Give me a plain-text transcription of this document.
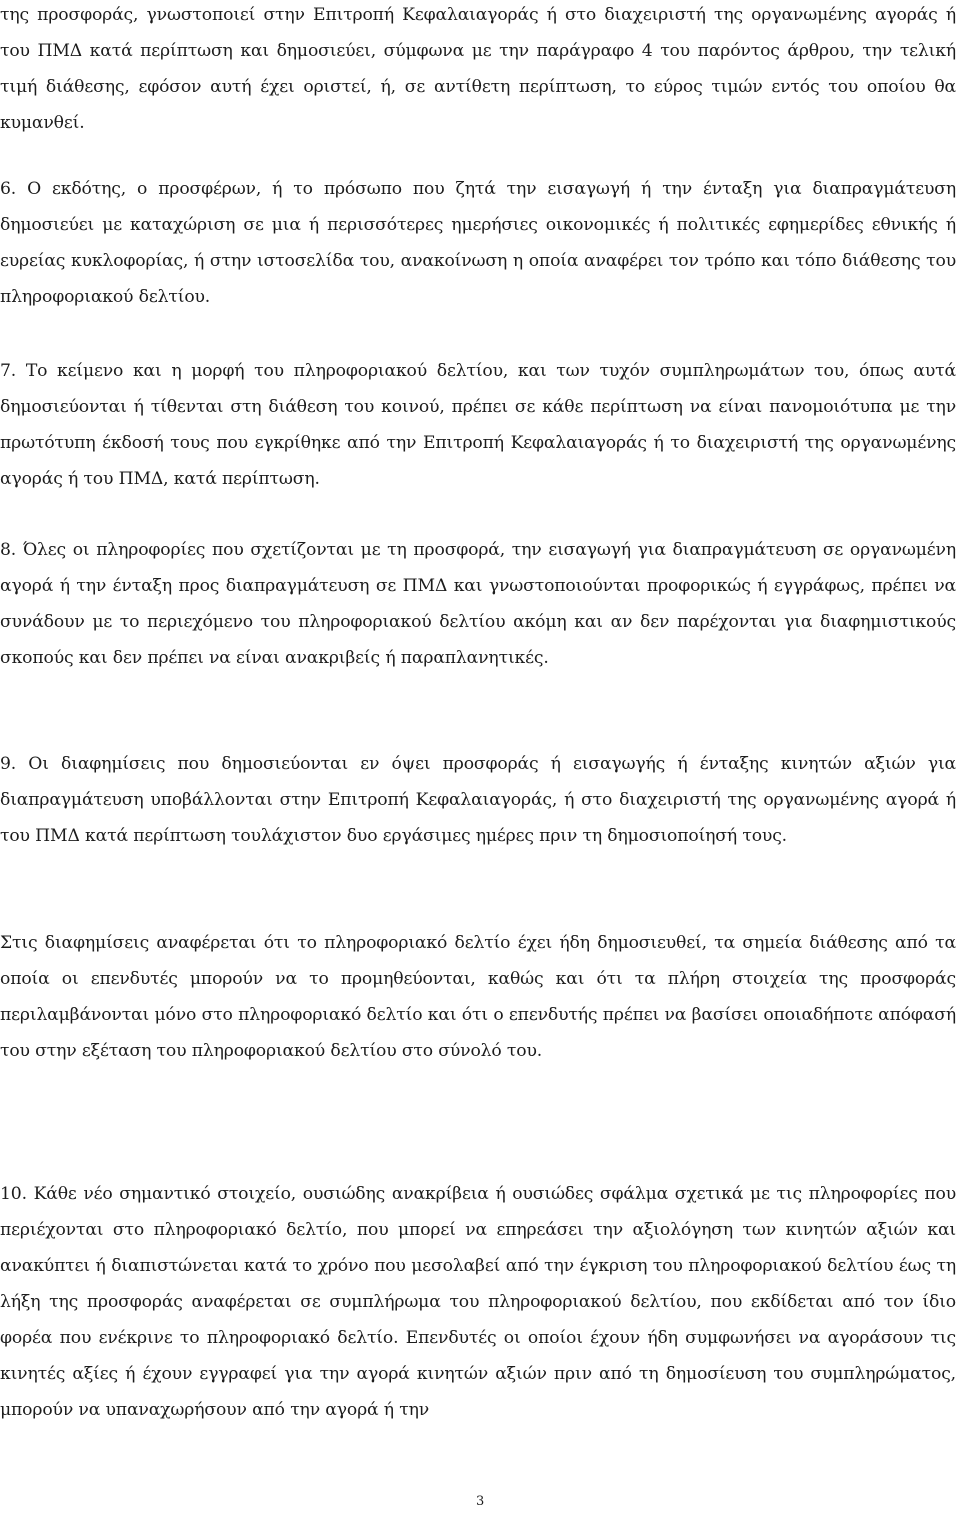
της προσφοράς, γνωστοποιεί στην Επιτροπή Κεφαλαιαγοράς ή στο διαχειριστή της οργανωμένης αγοράς ή του ΠΜΔ κατά περίπτωση και δημοσιεύει, σύμφωνα με την παράγραφο 4 του παρόντος άρθρου, την τελική τιμή διάθεσης, εφόσον αυτή έχει οριστεί, ή, σε αντίθετη περίπτωση, το εύρος τιμών εντός του οποίου θα κυμανθεί.

6. Ο εκδότης, ο προσφέρων, ή το πρόσωπο που ζητά την εισαγωγή ή την ένταξη για διαπραγμάτευση δημοσιεύει με καταχώριση σε μια ή περισσότερες ημερήσιες οικονομικές ή πολιτικές εφημερίδες εθνικής ή ευρείας κυκλοφορίας, ή στην ιστοσελίδα του, ανακοίνωση η οποία αναφέρει τον τρόπο και τόπο διάθεσης του πληροφοριακού δελτίου.

7. Το κείμενο και η μορφή του πληροφοριακού δελτίου, και των τυχόν συμπληρωμάτων του, όπως αυτά δημοσιεύονται ή τίθενται στη διάθεση του κοινού, πρέπει σε κάθε περίπτωση να είναι πανομοιότυπα με την πρωτότυπη έκδοσή τους που εγκρίθηκε από την Επιτροπή Κεφαλαιαγοράς ή το διαχειριστή της οργανωμένης αγοράς ή του ΠΜΔ, κατά περίπτωση.

8. Όλες οι πληροφορίες που σχετίζονται με τη προσφορά, την εισαγωγή για διαπραγμάτευση σε οργανωμένη αγορά ή την ένταξη προς διαπραγμάτευση σε ΠΜΔ και γνωστοποιούνται προφορικώς ή εγγράφως, πρέπει να συνάδουν με το περιεχόμενο του πληροφοριακού δελτίου ακόμη και αν δεν παρέχονται για διαφημιστικούς σκοπούς και δεν πρέπει να είναι ανακριβείς ή παραπλανητικές.

9. Οι διαφημίσεις που δημοσιεύονται εν όψει προσφοράς ή εισαγωγής ή ένταξης κινητών αξιών για διαπραγμάτευση υποβάλλονται στην Επιτροπή Κεφαλαιαγοράς, ή στο διαχειριστή της οργανωμένης αγορά ή του ΠΜΔ κατά περίπτωση τουλάχιστον δυο εργάσιμες ημέρες πριν τη δημοσιοποίησή τους.

Στις διαφημίσεις αναφέρεται ότι το πληροφοριακό δελτίο έχει ήδη δημοσιευθεί, τα σημεία διάθεσης από τα οποία οι επενδυτές μπορούν να το προμηθεύονται, καθώς και ότι τα πλήρη στοιχεία της προσφοράς περιλαμβάνονται μόνο στο πληροφοριακό δελτίο και ότι ο επενδυτής πρέπει να βασίσει οποιαδήποτε απόφασή του στην εξέταση του πληροφοριακού δελτίου στο σύνολό του.

10. Κάθε νέο σημαντικό στοιχείο, ουσιώδης ανακρίβεια ή ουσιώδες σφάλμα σχετικά με τις πληροφορίες που περιέχονται στο πληροφοριακό δελτίο, που μπορεί να επηρεάσει την αξιολόγηση των κινητών αξιών και ανακύπτει ή διαπιστώνεται κατά το χρόνο που μεσολαβεί από την έγκριση του πληροφοριακού δελτίου έως τη λήξη της προσφοράς αναφέρεται σε συμπλήρωμα του πληροφοριακού δελτίου, που εκδίδεται από τον ίδιο φορέα που ενέκρινε το πληροφοριακό δελτίο. Επενδυτές οι οποίοι έχουν ήδη συμφωνήσει να αγοράσουν τις κινητές αξίες ή έχουν εγγραφεί για την αγορά κινητών αξιών πριν από τη δημοσίευση του συμπληρώματος, μπορούν να υπαναχωρήσουν από την αγορά ή την

3
